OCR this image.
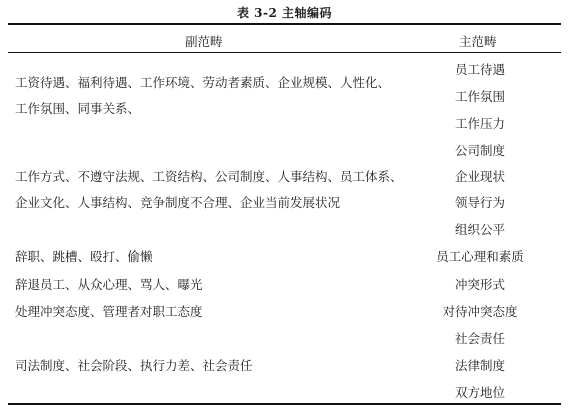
表 3-2 主轴编码
副范畴	主范畴
工资待遇、福利待遇、工作环境、劳动者素质、企业规模、人性化、
工作氛围、同事关系、
工作方式、不遵守法规、工资结构、公司制度、人事结构、员工体系、
企业文化、人事结构、竞争制度不合理、企业当前发展状况
辞职、跳槽、殴打、偷懒
辞退员工、从众心理、骂人、曝光
处理冲突态度、管理者对职工态度
司法制度、社会阶段、执行力差、社会责任
员工待遇
工作氛围
工作压力
公司制度
企业现状
领导行为
组织公平
员工心理和素质
冲突形式
对待冲突态度
社会责任
法律制度
双方地位
